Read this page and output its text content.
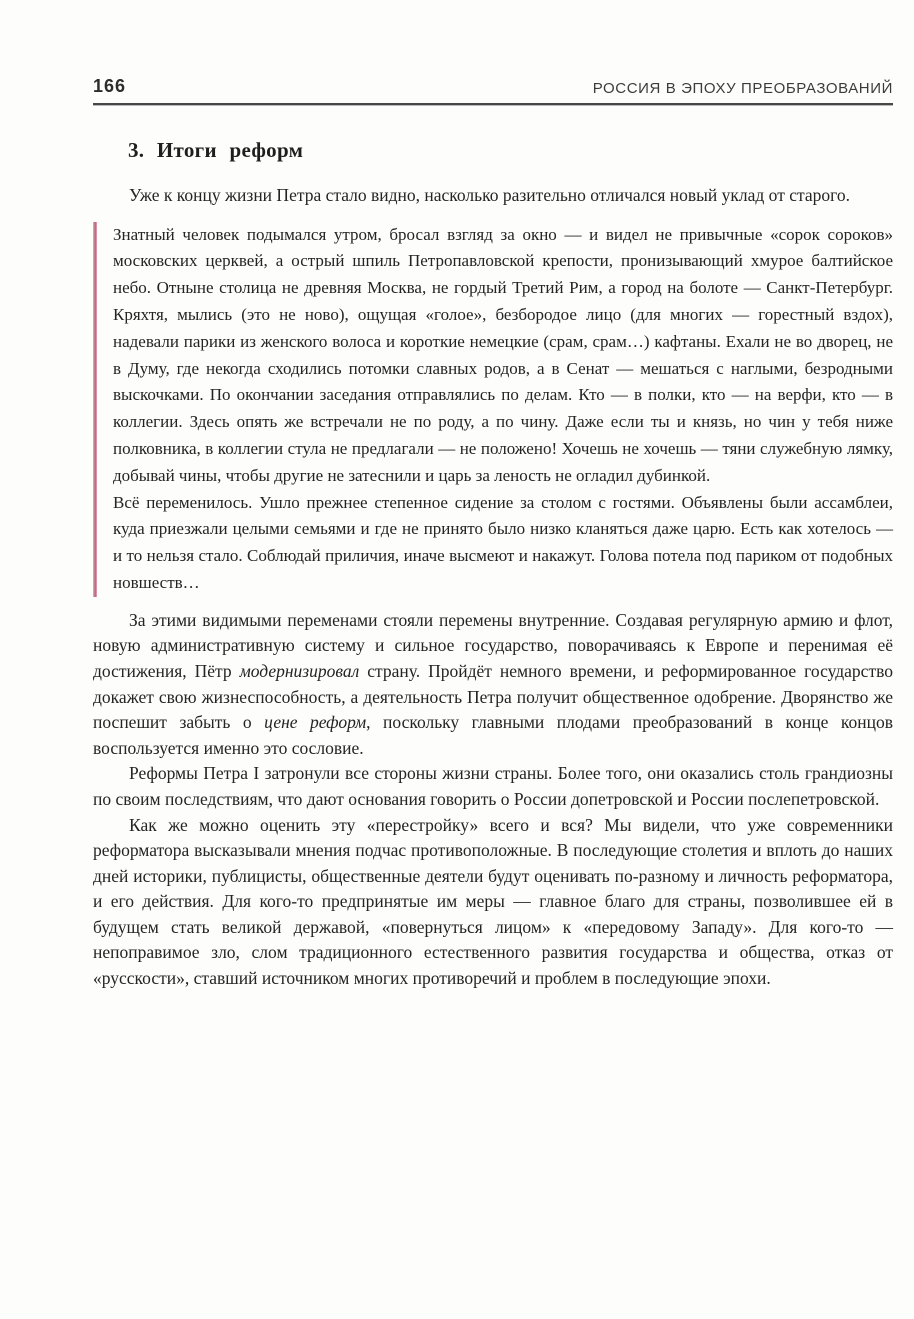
166	РОССИЯ В ЭПОХУ ПРЕОБРАЗОВАНИЙ
3. Итоги реформ

Уже к концу жизни Петра стало видно, насколько разительно отличался новый уклад от старого.

Знатный человек подымался утром, бросал взгляд за окно — и видел не привычные «сорок сороков» московских церквей, а острый шпиль Петропавловской крепости, пронизывающий хмурое балтийское небо. Отныне столица не древняя Москва, не гордый Третий Рим, а город на болоте — Санкт-Петербург. Кряхтя, мылись (это не ново), ощущая «голое», безбородое лицо (для многих — горестный вздох), надевали парики из женского волоса и короткие немецкие (срам, срам…) кафтаны. Ехали не во дворец, не в Думу, где некогда сходились потомки славных родов, а в Сенат — мешаться с наглыми, безродными выскочками. По окончании заседания отправлялись по делам. Кто — в полки, кто — на верфи, кто — в коллегии. Здесь опять же встречали не по роду, а по чину. Даже если ты и князь, но чин у тебя ниже полковника, в коллегии стула не предлагали — не положено! Хочешь не хочешь — тяни служебную лямку, добывай чины, чтобы другие не затеснили и царь за леность не огладил дубинкой.

Всё переменилось. Ушло прежнее степенное сидение за столом с гостями. Объявлены были ассамблеи, куда приезжали целыми семьями и где не принято было низко кланяться даже царю. Есть как хотелось — и то нельзя стало. Соблюдай приличия, иначе высмеют и накажут. Голова потела под париком от подобных новшеств…

За этими видимыми переменами стояли перемены внутренние. Создавая регулярную армию и флот, новую административную систему и сильное государство, поворачиваясь к Европе и перенимая её достижения, Пётр модернизировал страну. Пройдёт немного времени, и реформированное государство докажет свою жизнеспособность, а деятельность Петра получит общественное одобрение. Дворянство же поспешит забыть о цене реформ, поскольку главными плодами преобразований в конце концов воспользуется именно это сословие.

Реформы Петра I затронули все стороны жизни страны. Более того, они оказались столь грандиозны по своим последствиям, что дают основания говорить о России допетровской и России послепетровской.

Как же можно оценить эту «перестройку» всего и вся? Мы видели, что уже современники реформатора высказывали мнения подчас противоположные. В последующие столетия и вплоть до наших дней историки, публицисты, общественные деятели будут оценивать по-разному и личность реформатора, и его действия. Для кого-то предпринятые им меры — главное благо для страны, позволившее ей в будущем стать великой державой, «повернуться лицом» к «передовому Западу». Для кого-то — непоправимое зло, слом традиционного естественного развития государства и общества, отказ от «русскости», ставший источником многих противоречий и проблем в последующие эпохи.
